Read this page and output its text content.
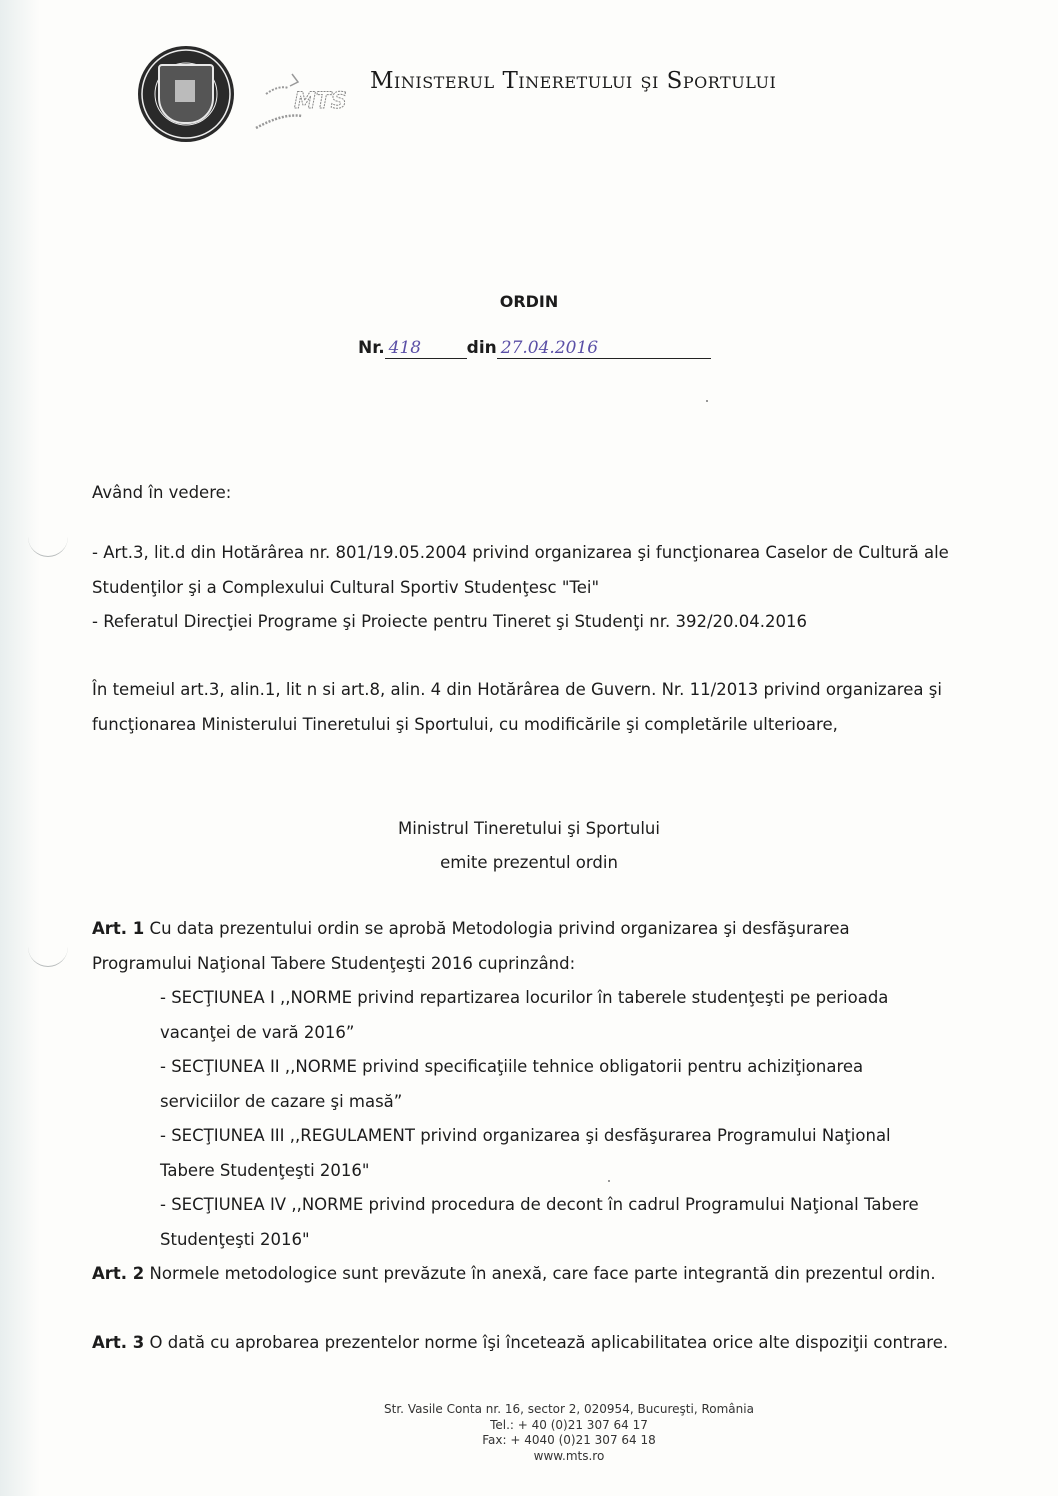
MTS
Ministerul Tineretului şi Sportului
ORDIN
Nr. 418	din 27.04.2016
Având în vedere:
- Art.3, lit.d din Hotărârea nr. 801/19.05.2004 privind organizarea şi funcţionarea Caselor de Cultură ale Studenţilor şi a Complexului Cultural Sportiv Studenţesc "Tei"
- Referatul Direcţiei Programe şi Proiecte pentru Tineret şi Studenţi nr. 392/20.04.2016
În temeiul art.3, alin.1, lit n si art.8, alin. 4 din Hotărârea de Guvern. Nr. 11/2013 privind organizarea şi funcţionarea Ministerului Tineretului şi Sportului, cu modificările şi completările ulterioare,
Ministrul Tineretului şi Sportului
emite prezentul ordin
Art. 1 Cu data prezentului ordin se aprobă Metodologia privind organizarea şi desfăşurarea Programului Naţional Tabere Studenţeşti 2016 cuprinzând:
- SECŢIUNEA I ,,NORME privind repartizarea locurilor în taberele studenţeşti pe perioada vacanţei de vară 2016”
- SECŢIUNEA II ,,NORME privind specificaţiile tehnice obligatorii pentru achiziţionarea serviciilor de cazare şi masă”
- SECŢIUNEA III ,,REGULAMENT privind organizarea şi desfăşurarea Programului Naţional Tabere Studenţeşti 2016"
- SECŢIUNEA IV ,,NORME privind procedura de decont în cadrul Programului Naţional Tabere Studenţeşti 2016"
Art. 2 Normele metodologice sunt prevăzute în anexă, care face parte integrantă din prezentul ordin.
Art. 3 O dată cu aprobarea prezentelor norme îşi încetează aplicabilitatea orice alte dispoziţii contrare.
Str. Vasile Conta nr. 16, sector 2, 020954, Bucureşti, România
Tel.: + 40 (0)21 307 64 17
Fax: + 4040 (0)21 307 64 18
www.mts.ro
